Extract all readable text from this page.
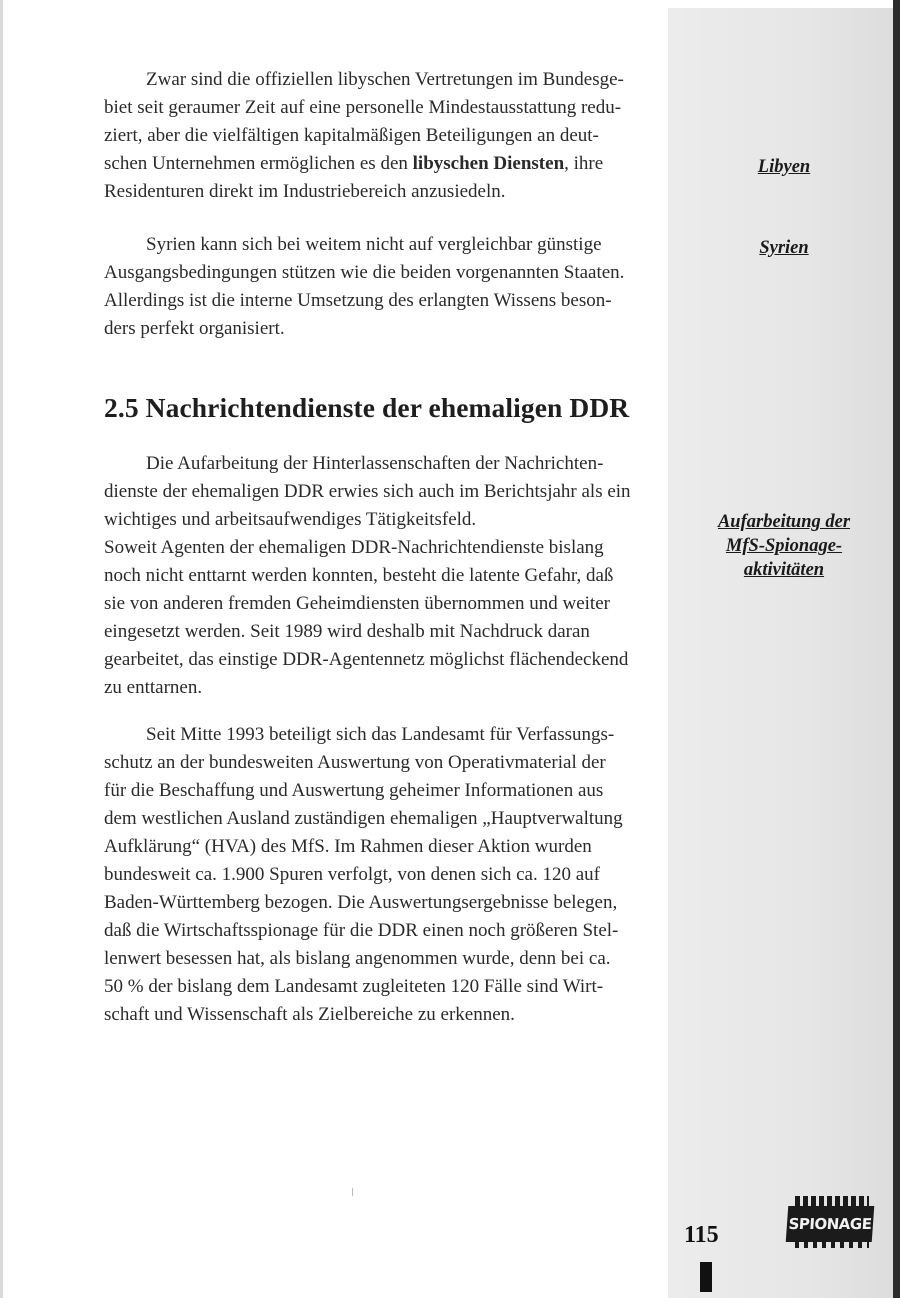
Zwar sind die offiziellen libyschen Vertretungen im Bundesge-
biet seit geraumer Zeit auf eine personelle Mindestausstattung redu-
ziert, aber die vielfältigen kapitalmäßigen Beteiligungen an deut-
schen Unternehmen ermöglichen es den libyschen Diensten, ihre
Residenturen direkt im Industriebereich anzusiedeln.

Syrien kann sich bei weitem nicht auf vergleichbar günstige
Ausgangsbedingungen stützen wie die beiden vorgenannten Staaten.
Allerdings ist die interne Umsetzung des erlangten Wissens beson-
ders perfekt organisiert.

2.5 Nachrichtendienste der ehemaligen DDR

Die Aufarbeitung der Hinterlassenschaften der Nachrichten-
dienste der ehemaligen DDR erwies sich auch im Berichtsjahr als ein
wichtiges und arbeitsaufwendiges Tätigkeitsfeld.
Soweit Agenten der ehemaligen DDR-Nachrichtendienste bislang
noch nicht enttarnt werden konnten, besteht die latente Gefahr, daß
sie von anderen fremden Geheimdiensten übernommen und weiter
eingesetzt werden. Seit 1989 wird deshalb mit Nachdruck daran
gearbeitet, das einstige DDR-Agentennetz möglichst flächendeckend
zu enttarnen.

Seit Mitte 1993 beteiligt sich das Landesamt für Verfassungs-
schutz an der bundesweiten Auswertung von Operativmaterial der
für die Beschaffung und Auswertung geheimer Informationen aus
dem westlichen Ausland zuständigen ehemaligen „Hauptverwaltung
Aufklärung“ (HVA) des MfS. Im Rahmen dieser Aktion wurden
bundesweit ca. 1.900 Spuren verfolgt, von denen sich ca. 120 auf
Baden-Württemberg bezogen. Die Auswertungsergebnisse belegen,
daß die Wirtschaftsspionage für die DDR einen noch größeren Stel-
lenwert besessen hat, als bislang angenommen wurde, denn bei ca.
50 % der bislang dem Landesamt zugleiteten 120 Fälle sind Wirt-
schaft und Wissenschaft als Zielbereiche zu erkennen.

Libyen
Syrien
Aufarbeitung der
MfS-Spionage-
aktivitäten
115	SPIONAGE
